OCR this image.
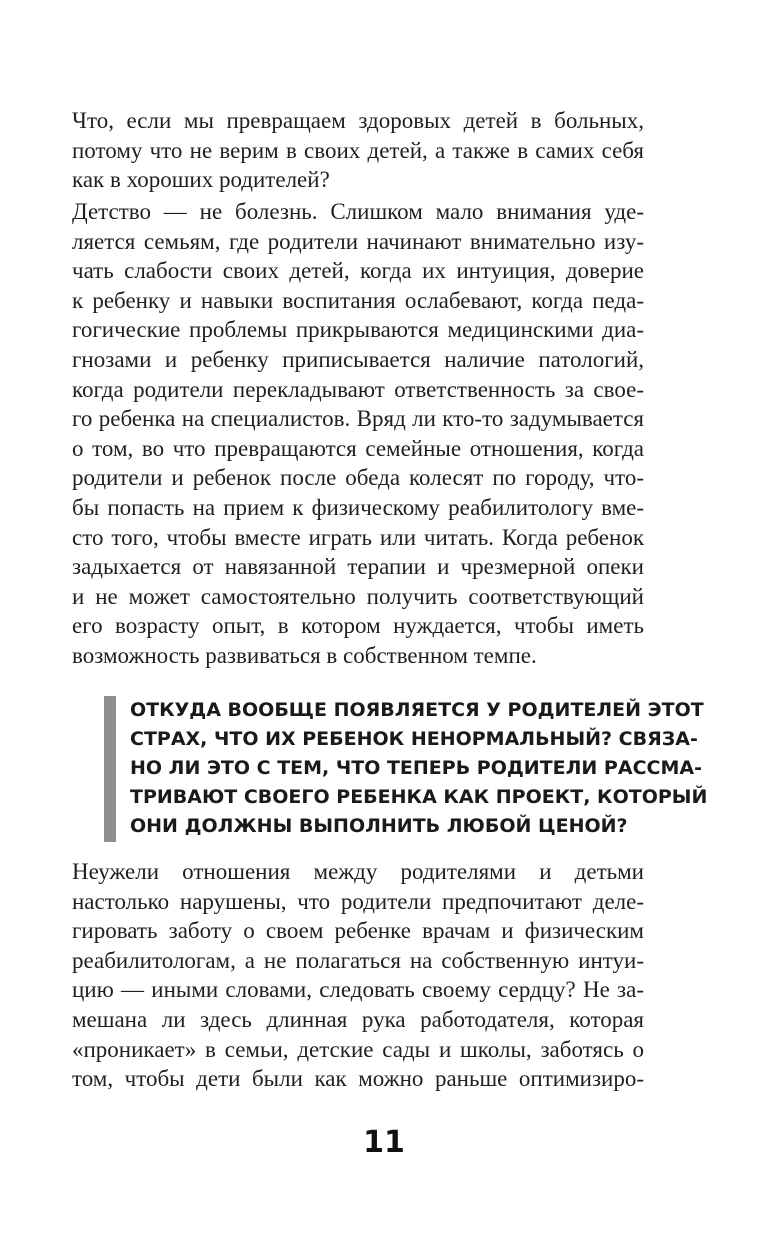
Что, если мы превращаем здоровых детей в больных,
потому что не верим в своих детей, а также в самих себя
как в хороших родителей?
Детство — не болезнь. Слишком мало внимания уде-
ляется семьям, где родители начинают внимательно изу-
чать слабости своих детей, когда их интуиция, доверие
к ребенку и навыки воспитания ослабевают, когда педа-
гогические проблемы прикрываются медицинскими диа-
гнозами и ребенку приписывается наличие патологий,
когда родители перекладывают ответственность за свое-
го ребенка на специалистов. Вряд ли кто-то задумывается
о том, во что превращаются семейные отношения, когда
родители и ребенок после обеда колесят по городу, что-
бы попасть на прием к физическому реабилитологу вме-
сто того, чтобы вместе играть или читать. Когда ребенок
задыхается от навязанной терапии и чрезмерной опеки
и не может самостоятельно получить соответствующий
его возрасту опыт, в котором нуждается, чтобы иметь
возможность развиваться в собственном темпе.
ОТКУДА ВООБЩЕ ПОЯВЛЯЕТСЯ У РОДИТЕЛЕЙ ЭТОТ
СТРАХ, ЧТО ИХ РЕБЕНОК НЕНОРМАЛЬНЫЙ? СВЯЗА-
НО ЛИ ЭТО С ТЕМ, ЧТО ТЕПЕРЬ РОДИТЕЛИ РАССМА-
ТРИВАЮТ СВОЕГО РЕБЕНКА КАК ПРОЕКТ, КОТОРЫЙ
ОНИ ДОЛЖНЫ ВЫПОЛНИТЬ ЛЮБОЙ ЦЕНОЙ?
Неужели отношения между родителями и детьми
настолько нарушены, что родители предпочитают деле-
гировать заботу о своем ребенке врачам и физическим
реабилитологам, а не полагаться на собственную интуи-
цию — иными словами, следовать своему сердцу? Не за-
мешана ли здесь длинная рука работодателя, которая
«проникает» в семьи, детские сады и школы, заботясь о
том, чтобы дети были как можно раньше оптимизиро-
11
